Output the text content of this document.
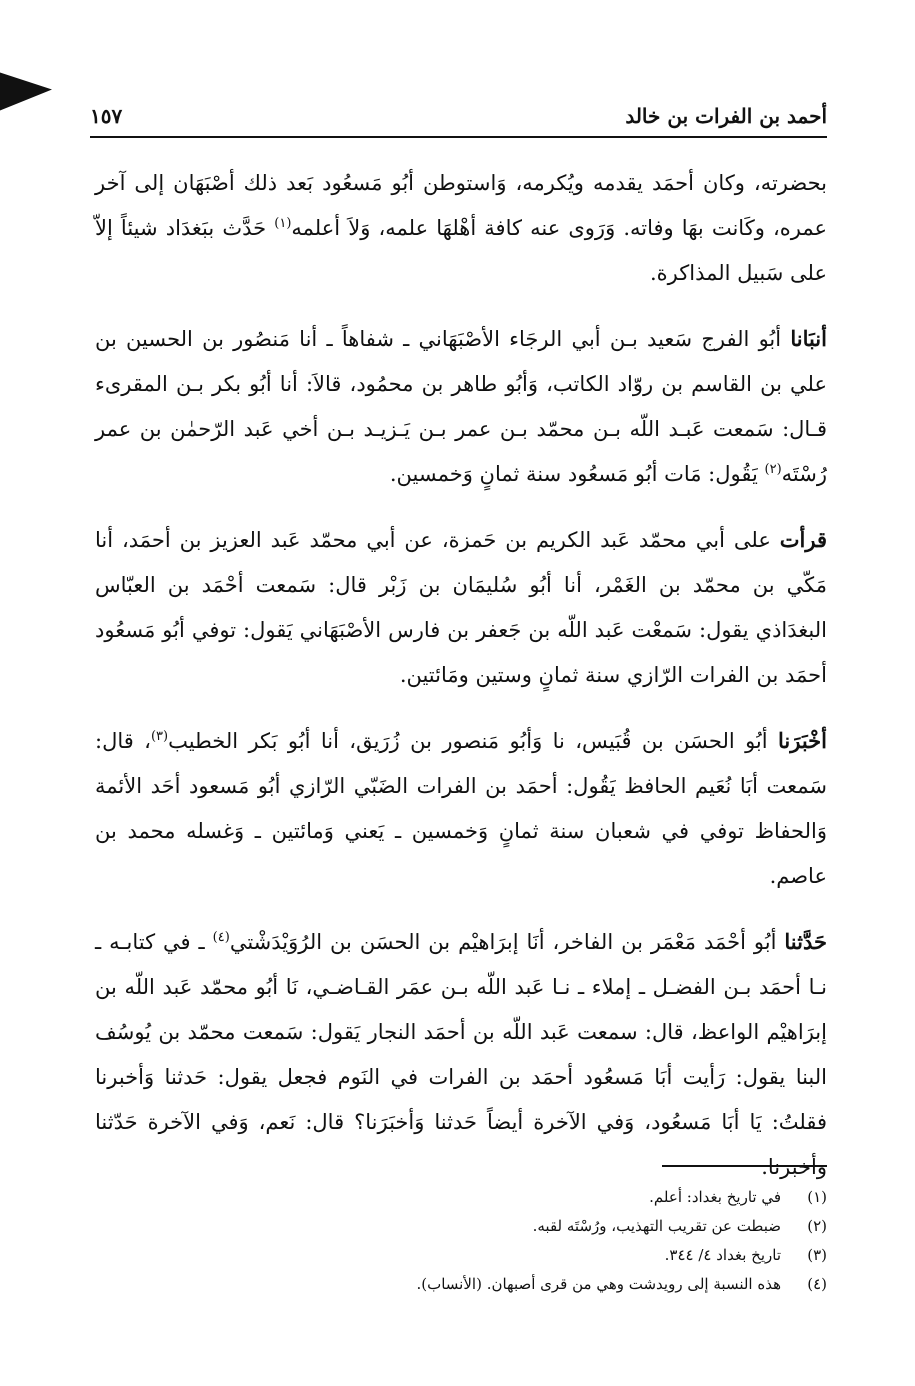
أحمد بن الفرات بن خالد
١٥٧

بحضرته، وكان أحمَد يقدمه ويُكرمه، وَاستوطن أبُو مَسعُود بَعد ذلك أصْبَهَان إلى آخر عمره، وكَانت بهَا وفاته. وَرَوى عنه كافة أهْلهَا علمه، وَلاَ أعلمه$^{(١)}$ حَدَّث ببَغدَاد شيئاً إلاّ على سَبيل المذاكرة.

أنبَانا أبُو الفرج سَعيد بـن أبي الرجَاء الأصْبَهَاني ـ شفاهاً ـ أنا مَنصُور بن الحسين بن علي بن القاسم بن روّاد الكاتب، وَأبُو طاهر بن محمُود، قالاَ: أنا أبُو بكر بـن المقرىء قـال: سَمعت عَبـد اللّه بـن محمّد بـن عمر بـن يَـزيـد بـن أخي عَبد الرّحمٰن بن عمر رُسْتَه$^{(٢)}$ يَقُول: مَات أبُو مَسعُود سنة ثمانٍ وَخمسين.

قرأت على أبي محمّد عَبد الكريم بن حَمزة، عن أبي محمّد عَبد العزيز بن أحمَد، أنا مَكّي بن محمّد بن الغَمْر، أنا أبُو سُليمَان بن زَبْر قال: سَمعت أحْمَد بن العبّاس البغدَاذي يقول: سَمعْت عَبد اللّه بن جَعفر بن فارس الأصْبَهَاني يَقول: توفي أبُو مَسعُود أحمَد بن الفرات الرّازي سنة ثمانٍ وستين ومَائتين.

أخْبَرَنا أبُو الحسَن بن قُبَيس، نا وَأبُو مَنصور بن زُرَيق، أنا أبُو بَكر الخطيب$^{(٣)}$، قال: سَمعت أبَا نُعَيم الحافظ يَقُول: أحمَد بن الفرات الضَبّي الرّازي أبُو مَسعود أحَد الأئمة وَالحفاظ توفي في شعبان سنة ثمانٍ وَخمسين ـ يَعني وَمائتين ـ وَغسله محمد بن عاصم.

حَدَّثنا أبُو أحْمَد مَعْمَر بن الفاخر، أنَا إبرَاهيْم بن الحسَن بن الرُوَيْدَشْتي$^{(٤)}$ ـ في كتابـه ـ نـا أحمَد بـن الفضـل ـ إملاء ـ نـا عَبد اللّه بـن عمَر القـاضـي، نَا أبُو محمّد عَبد اللّه بن إبرَاهيْم الواعظ، قال: سمعت عَبد اللّه بن أحمَد النجار يَقول: سَمعت محمّد بن يُوسُف البنا يقول: رَأيت أبَا مَسعُود أحمَد بن الفرات في النَوم فجعل يقول: حَدثنا وَأخبرنا فقلتُ: يَا أبَا مَسعُود، وَفي الآخرة أيضاً حَدثنا وَأخبَرَنا؟ قال: نَعم، وَفي الآخرة حَدّثنا وأخبرنا.

(١)
في تاريخ بغداد: أعلم.
(٢)
ضبطت عن تقريب التهذيب، ورُسْتَه لقبه.
(٣)
تاريخ بغداد ٤/ ٣٤٤.
(٤)
هذه النسبة إلى رويدشت وهي من قرى أصبهان. (الأنساب).
